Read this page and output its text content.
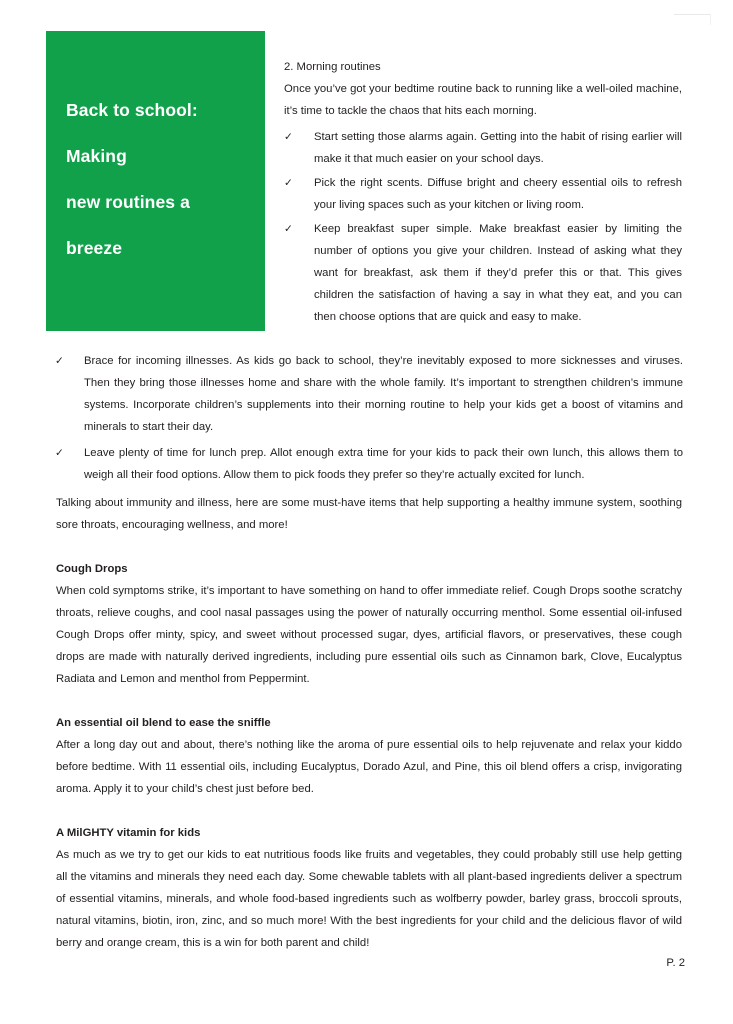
Back to school: Making
new routines a breeze
2. Morning routines
Once you’ve got your bedtime routine back to running like a well-oiled machine, it’s time to tackle the chaos that hits each morning.
✓	Start setting those alarms again. Getting into the habit of rising earlier will make it that much easier on your school days.
✓	Pick the right scents. Diffuse bright and cheery essential oils to refresh your living spaces such as your kitchen or living room.
✓	Keep breakfast super simple. Make breakfast easier by limiting the number of options you give your children. Instead of asking what they want for breakfast, ask them if they’d prefer this or that. This gives children the satisfaction of having a say in what they eat, and you can then choose options that are quick and easy to make.
✓	Brace for incoming illnesses. As kids go back to school, they’re inevitably exposed to more sicknesses and viruses. Then they bring those illnesses home and share with the whole family. It’s important to strengthen children’s immune systems. Incorporate children’s supplements into their morning routine to help your kids get a boost of vitamins and minerals to start their day.
✓	Leave plenty of time for lunch prep. Allot enough extra time for your kids to pack their own lunch, this allows them to weigh all their food options. Allow them to pick foods they prefer so they’re actually excited for lunch.

Talking about immunity and illness, here are some must-have items that help supporting a healthy immune system, soothing sore throats, encouraging wellness, and more!

Cough Drops

When cold symptoms strike, it’s important to have something on hand to offer immediate relief. Cough Drops soothe scratchy throats, relieve coughs, and cool nasal passages using the power of naturally occurring menthol. Some essential oil-infused Cough Drops offer minty, spicy, and sweet without processed sugar, dyes, artificial flavors, or preservatives, these cough drops are made with naturally derived ingredients, including pure essential oils such as Cinnamon bark, Clove, Eucalyptus Radiata and Lemon and menthol from Peppermint.

An essential oil blend to ease the sniffle

After a long day out and about, there’s nothing like the aroma of pure essential oils to help rejuvenate and relax your kiddo before bedtime. With 11 essential oils, including Eucalyptus, Dorado Azul, and Pine, this oil blend offers a crisp, invigorating aroma. Apply it to your child’s chest just before bed.

A MilGHTY vitamin for kids

As much as we try to get our kids to eat nutritious foods like fruits and vegetables, they could probably still use help getting all the vitamins and minerals they need each day. Some chewable tablets with all plant-based ingredients deliver a spectrum of essential vitamins, minerals, and whole food-based ingredients such as wolfberry powder, barley grass, broccoli sprouts, natural vitamins, biotin, iron, zinc, and so much more! With the best ingredients for your child and the delicious flavor of wild berry and orange cream, this is a win for both parent and child!

P. 2
